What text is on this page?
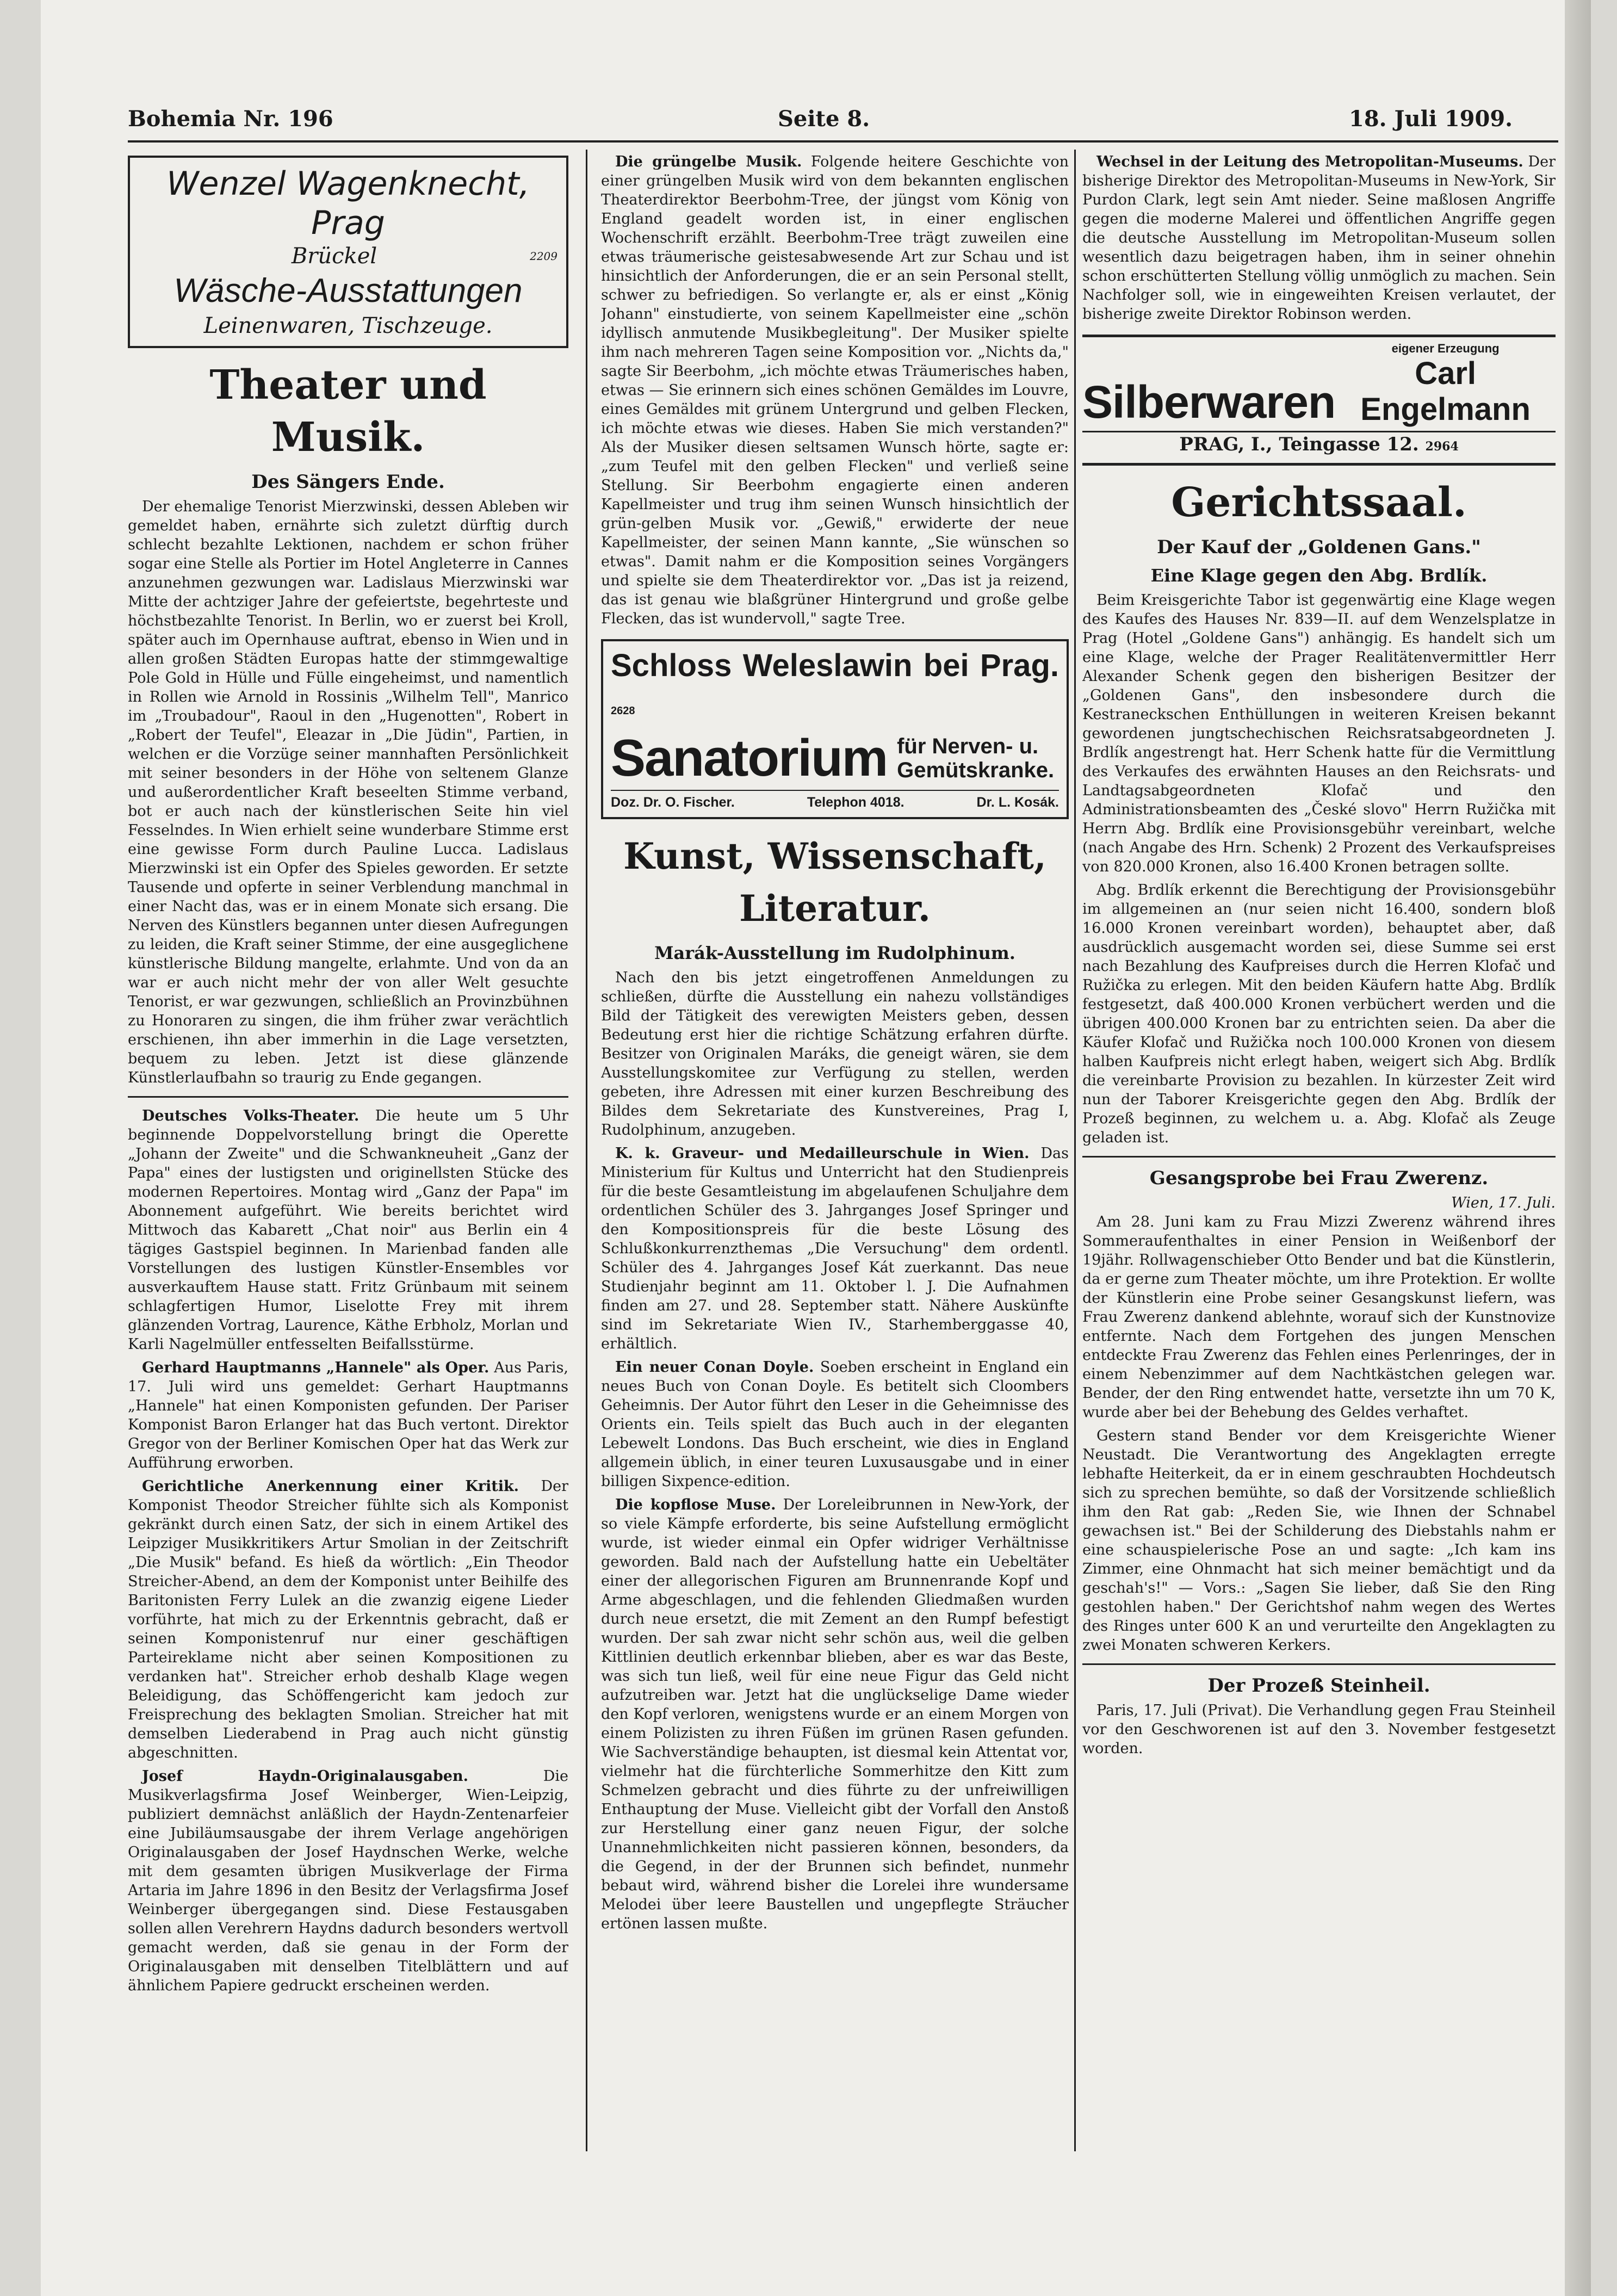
Bohemia Nr. 196	Seite 8.	18. Juli 1909.
Wenzel Wagenknecht, Prag
Brückel	2209
Wäsche-Ausstattungen
Leinenwaren, Tischzeuge.
Theater und Musik.
Des Sängers Ende.

Der ehemalige Tenorist Mierzwinski, dessen Ableben wir gemeldet haben, ernährte sich zuletzt dürftig durch schlecht bezahlte Lektionen, nachdem er schon früher sogar eine Stelle als Portier im Hotel Angleterre in Cannes anzunehmen gezwungen war. Ladislaus Mierzwinski war Mitte der achtziger Jahre der gefeiertste, begehrteste und höchstbezahlte Tenorist. In Berlin, wo er zuerst bei Kroll, später auch im Opernhause auftrat, ebenso in Wien und in allen großen Städten Europas hatte der stimmgewaltige Pole Gold in Hülle und Fülle eingeheimst, und namentlich in Rollen wie Arnold in Rossinis „Wilhelm Tell", Manrico im „Troubadour", Raoul in den „Hugenotten", Robert in „Robert der Teufel", Eleazar in „Die Jüdin", Partien, in welchen er die Vorzüge seiner mannhaften Persönlichkeit mit seiner besonders in der Höhe von seltenem Glanze und außerordentlicher Kraft beseelten Stimme verband, bot er auch nach der künstlerischen Seite hin viel Fesselndes. In Wien erhielt seine wunderbare Stimme erst eine gewisse Form durch Pauline Lucca. Ladislaus Mierzwinski ist ein Opfer des Spieles geworden. Er setzte Tausende und opferte in seiner Verblendung manchmal in einer Nacht das, was er in einem Monate sich ersang. Die Nerven des Künstlers begannen unter diesen Aufregungen zu leiden, die Kraft seiner Stimme, der eine ausgeglichene künstlerische Bildung mangelte, erlahmte. Und von da an war er auch nicht mehr der von aller Welt gesuchte Tenorist, er war gezwungen, schließlich an Provinzbühnen zu Honoraren zu singen, die ihm früher zwar verächtlich erschienen, ihn aber immerhin in die Lage versetzten, bequem zu leben. Jetzt ist diese glänzende Künstlerlaufbahn so traurig zu Ende gegangen.

Deutsches Volks-Theater. Die heute um 5 Uhr beginnende Doppelvorstellung bringt die Operette „Johann der Zweite" und die Schwankneuheit „Ganz der Papa" eines der lustigsten und originellsten Stücke des modernen Repertoires. Montag wird „Ganz der Papa" im Abonnement aufgeführt. Wie bereits berichtet wird Mittwoch das Kabarett „Chat noir" aus Berlin ein 4 tägiges Gastspiel beginnen. In Marienbad fanden alle Vorstellungen des lustigen Künstler-Ensembles vor ausverkauftem Hause statt. Fritz Grünbaum mit seinem schlagfertigen Humor, Liselotte Frey mit ihrem glänzenden Vortrag, Laurence, Käthe Erbholz, Morlan und Karli Nagelmüller entfesselten Beifallsstürme.

Gerhard Hauptmanns „Hannele" als Oper. Aus Paris, 17. Juli wird uns gemeldet: Gerhart Hauptmanns „Hannele" hat einen Komponisten gefunden. Der Pariser Komponist Baron Erlanger hat das Buch vertont. Direktor Gregor von der Berliner Komischen Oper hat das Werk zur Aufführung erworben.

Gerichtliche Anerkennung einer Kritik. Der Komponist Theodor Streicher fühlte sich als Komponist gekränkt durch einen Satz, der sich in einem Artikel des Leipziger Musikkritikers Artur Smolian in der Zeitschrift „Die Musik" befand. Es hieß da wörtlich: „Ein Theodor Streicher-Abend, an dem der Komponist unter Beihilfe des Baritonisten Ferry Lulek an die zwanzig eigene Lieder vorführte, hat mich zu der Erkenntnis gebracht, daß er seinen Komponistenruf nur einer geschäftigen Parteireklame nicht aber seinen Kompositionen zu verdanken hat". Streicher erhob deshalb Klage wegen Beleidigung, das Schöffengericht kam jedoch zur Freisprechung des beklagten Smolian. Streicher hat mit demselben Liederabend in Prag auch nicht günstig abgeschnitten.

Josef Haydn-Originalausgaben.	Die Musikverlagsfirma Josef Weinberger, Wien-Leipzig, publiziert demnächst anläßlich der Haydn-Zentenarfeier eine Jubiläumsausgabe der ihrem Verlage angehörigen Originalausgaben der Josef Haydnschen Werke, welche mit dem gesamten übrigen Musikverlage der Firma Artaria im Jahre 1896 in den Besitz der Verlagsfirma Josef Weinberger übergegangen sind. Diese Festausgaben sollen allen Verehrern Haydns dadurch besonders wertvoll gemacht werden, daß sie genau in der Form der Originalausgaben mit denselben Titelblättern und auf ähnlichem Papiere gedruckt erscheinen werden.

Die grüngelbe Musik. Folgende heitere Geschichte von einer grüngelben Musik wird von dem bekannten englischen Theaterdirektor Beerbohm-Tree, der jüngst vom König von England geadelt worden ist, in einer englischen Wochenschrift erzählt. Beerbohm-Tree trägt zuweilen eine etwas träumerische geistesabwesende Art zur Schau und ist hinsichtlich der Anforderungen, die er an sein Personal stellt, schwer zu befriedigen. So verlangte er, als er einst „König Johann" einstudierte, von seinem Kapellmeister eine „schön idyllisch anmutende Musikbegleitung". Der Musiker spielte ihm nach mehreren Tagen seine Komposition vor. „Nichts da," sagte Sir Beerbohm, „ich möchte etwas Träumerisches haben, etwas — Sie erinnern sich eines schönen Gemäldes im Louvre, eines Gemäldes mit grünem Untergrund und gelben Flecken, ich möchte etwas wie dieses. Haben Sie mich verstanden?" Als der Musiker diesen seltsamen Wunsch hörte, sagte er: „zum Teufel mit den gelben Flecken" und verließ seine Stellung. Sir Beerbohm engagierte einen anderen Kapellmeister und trug ihm seinen Wunsch hinsichtlich der grün-gelben Musik vor. „Gewiß," erwiderte der neue Kapellmeister, der seinen Mann kannte, „Sie wünschen so etwas". Damit nahm er die Komposition seines Vorgängers und spielte sie dem Theaterdirektor vor. „Das ist ja reizend, das ist genau wie blaßgrüner Hintergrund und große gelbe Flecken, das ist wundervoll," sagte Tree.

Schloss Weleslawin bei Prag. 2628
Sanatorium für Nerven- u.
Gemütskranke.
Doz. Dr. O. Fischer.	Telephon 4018.	Dr. L. Kosák.
Kunst, Wissenschaft, Literatur.
Marák-Ausstellung im Rudolphinum.

Nach den bis jetzt eingetroffenen Anmeldungen zu schließen, dürfte die Ausstellung ein nahezu vollständiges Bild der Tätigkeit des verewigten Meisters geben, dessen Bedeutung erst hier die richtige Schätzung erfahren dürfte. Besitzer von Originalen Maráks, die geneigt wären, sie dem Ausstellungskomitee zur Verfügung zu stellen, werden gebeten, ihre Adressen mit einer kurzen Beschreibung des Bildes dem Sekretariate des Kunstvereines, Prag I, Rudolphinum, anzugeben.

K. k. Graveur- und Medailleurschule in Wien. Das Ministerium für Kultus und Unterricht hat den Studienpreis für die beste Gesamtleistung im abgelaufenen Schuljahre dem ordentlichen Schüler des 3. Jahrganges Josef Springer und den Kompositionspreis für die beste Lösung des Schlußkonkurrenzthemas „Die Versuchung" dem ordentl. Schüler des 4. Jahrganges Josef Kát zuerkannt. Das neue Studienjahr beginnt am 11. Oktober l. J. Die Aufnahmen finden am 27. und 28. September statt. Nähere Auskünfte sind im Sekretariate Wien IV., Starhemberggasse 40, erhältlich.

Ein neuer Conan Doyle. Soeben erscheint in England ein neues Buch von Conan Doyle. Es betitelt sich Cloombers Geheimnis. Der Autor führt den Leser in die Geheimnisse des Orients ein. Teils spielt das Buch auch in der eleganten Lebewelt Londons. Das Buch erscheint, wie dies in England allgemein üblich, in einer teuren Luxusausgabe und in einer billigen Sixpence-edition.

Die kopflose Muse. Der Loreleibrunnen in New-York, der so viele Kämpfe erforderte, bis seine Aufstellung ermöglicht wurde, ist wieder einmal ein Opfer widriger Verhältnisse geworden. Bald nach der Aufstellung hatte ein Uebeltäter einer der allegorischen Figuren am Brunnenrande Kopf und Arme abgeschlagen, und die fehlenden Gliedmaßen wurden durch neue ersetzt, die mit Zement an den Rumpf befestigt wurden. Der sah zwar nicht sehr schön aus, weil die gelben Kittlinien deutlich erkennbar blieben, aber es war das Beste, was sich tun ließ, weil für eine neue Figur das Geld nicht aufzutreiben war. Jetzt hat die unglückselige Dame wieder den Kopf verloren, wenigstens wurde er an einem Morgen von einem Polizisten zu ihren Füßen im grünen Rasen gefunden. Wie Sachverständige behaupten, ist diesmal kein Attentat vor, vielmehr hat die fürchterliche Sommerhitze den Kitt zum Schmelzen gebracht und dies führte zu der unfreiwilligen Enthauptung der Muse. Vielleicht gibt der Vorfall den Anstoß zur Herstellung einer ganz neuen Figur, der solche Unannehmlichkeiten nicht passieren können, besonders, da die Gegend, in der der Brunnen sich befindet, nunmehr bebaut wird, während bisher die Lorelei ihre wundersame Melodei über leere Baustellen und ungepflegte Sträucher ertönen lassen mußte.

Wechsel in der Leitung des Metropolitan-Museums. Der bisherige Direktor des Metropolitan-Museums in New-York, Sir Purdon Clark, legt sein Amt nieder. Seine maßlosen Angriffe gegen die moderne Malerei und öffentlichen Angriffe gegen die deutsche Ausstellung im Metropolitan-Museum sollen wesentlich dazu beigetragen haben, ihm in seiner ohnehin schon erschütterten Stellung völlig unmöglich zu machen. Sein Nachfolger soll, wie in eingeweihten Kreisen verlautet, der bisherige zweite Direktor Robinson werden.

Silberwaren
eigener Erzeugung
Carl Engelmann
PRAG, I., Teingasse 12. 2964
Gerichtssaal.
Der Kauf der „Goldenen Gans."
Eine Klage gegen den Abg. Brdlík.

Beim Kreisgerichte Tabor ist gegenwärtig eine Klage wegen des Kaufes des Hauses Nr. 839—II. auf dem Wenzelsplatze in Prag (Hotel „Goldene Gans") anhängig. Es handelt sich um eine Klage, welche der Prager Realitätenvermittler Herr Alexander Schenk gegen den bisherigen Besitzer der „Goldenen Gans", den insbesondere durch die Kestraneckschen Enthüllungen in weiteren Kreisen bekannt gewordenen jungtschechischen Reichsratsabgeordneten J. Brdlík angestrengt hat. Herr Schenk hatte für die Vermittlung des Verkaufes des erwähnten Hauses an den Reichsrats- und Landtagsabgeordneten Klofač und den Administrationsbeamten des „České slovo" Herrn Ružička mit Herrn Abg. Brdlík eine Provisionsgebühr vereinbart, welche (nach Angabe des Hrn. Schenk) 2 Prozent des Verkaufspreises von 820.000 Kronen, also 16.400 Kronen betragen sollte.

Abg. Brdlík erkennt die Berechtigung der Provisionsgebühr im allgemeinen an (nur seien nicht 16.400, sondern bloß 16.000 Kronen vereinbart worden), behauptet aber, daß ausdrücklich ausgemacht worden sei, diese Summe sei erst nach Bezahlung des Kaufpreises durch die Herren Klofač und Ružička zu erlegen. Mit den beiden Käufern hatte Abg. Brdlík festgesetzt, daß 400.000 Kronen verbüchert werden und die übrigen 400.000 Kronen bar zu entrichten seien. Da aber die Käufer Klofač und Ružička noch 100.000 Kronen von diesem halben Kaufpreis nicht erlegt haben, weigert sich Abg. Brdlík die vereinbarte Provision zu bezahlen. In kürzester Zeit wird nun der Taborer Kreisgerichte gegen den Abg. Brdlík der Prozeß beginnen, zu welchem u. a. Abg. Klofač als Zeuge geladen ist.

Gesangsprobe bei Frau Zwerenz.

Wien, 17. Juli.

Am 28. Juni kam zu Frau Mizzi Zwerenz während ihres Sommeraufenthaltes in einer Pension in Weißenborf der 19jähr. Rollwagenschieber Otto Bender und bat die Künstlerin, da er gerne zum Theater möchte, um ihre Protektion. Er wollte der Künstlerin eine Probe seiner Gesangskunst liefern, was Frau Zwerenz dankend ablehnte, worauf sich der Kunstnovize entfernte. Nach dem Fortgehen des jungen Menschen entdeckte Frau Zwerenz das Fehlen eines Perlenringes, der in einem Nebenzimmer auf dem Nachtkästchen gelegen war. Bender, der den Ring entwendet hatte, versetzte ihn um 70 K, wurde aber bei der Behebung des Geldes verhaftet.

Gestern stand Bender vor dem Kreisgerichte Wiener Neustadt. Die Verantwortung des Angeklagten erregte lebhafte Heiterkeit, da er in einem geschraubten Hochdeutsch sich zu sprechen bemühte, so daß der Vorsitzende schließlich ihm den Rat gab: „Reden Sie, wie Ihnen der Schnabel gewachsen ist." Bei der Schilderung des Diebstahls nahm er eine schauspielerische Pose an und sagte: „Ich kam ins Zimmer, eine Ohnmacht hat sich meiner bemächtigt und da geschah's!" — Vors.: „Sagen Sie lieber, daß Sie den Ring gestohlen haben." Der Gerichtshof nahm wegen des Wertes des Ringes unter 600 K an und verurteilte den Angeklagten zu zwei Monaten schweren Kerkers.

Der Prozeß Steinheil.

Paris, 17. Juli (Privat). Die Verhandlung gegen Frau Steinheil vor den Geschworenen ist auf den 3. November festgesetzt worden.
